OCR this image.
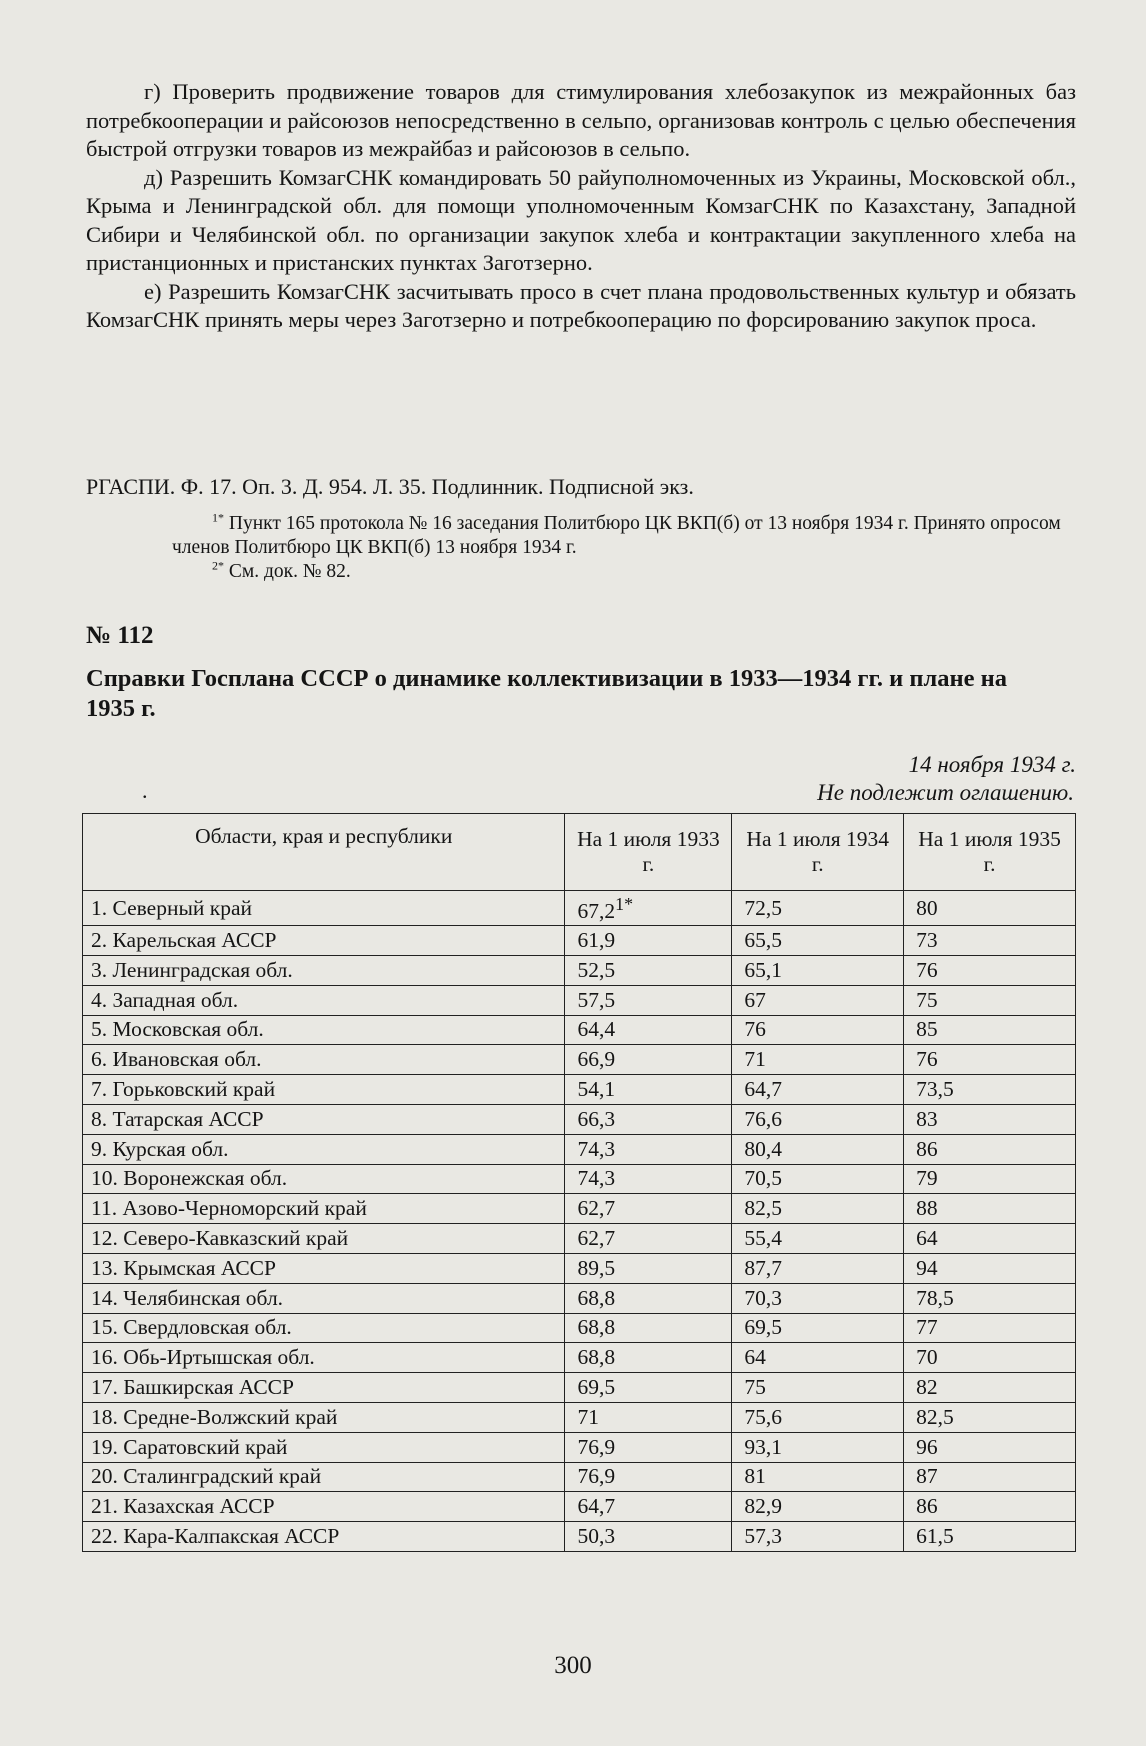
г) Проверить продвижение товаров для стимулирования хлебозакупок из межрайонных баз потребкооперации и райсоюзов непосредственно в сельпо, организовав контроль с целью обеспечения быстрой отгрузки товаров из межрайбаз и райсоюзов в сельпо.

д) Разрешить КомзагСНК командировать 50 райуполномоченных из Украины, Московской обл., Крыма и Ленинградской обл. для помощи уполномоченным КомзагСНК по Казахстану, Западной Сибири и Челябинской обл. по организации закупок хлеба и контрактации закупленного хлеба на пристанционных и пристанских пунктах Заготзерно.

е) Разрешить КомзагСНК засчитывать просо в счет плана продовольственных культур и обязать КомзагСНК принять меры через Заготзерно и потребкооперацию по форсированию закупок проса.

РГАСПИ. Ф. 17. Оп. 3. Д. 954. Л. 35. Подлинник. Подписной экз.
$^{1*}$ Пункт 165 протокола № 16 заседания Политбюро ЦК ВКП(б) от 13 ноября 1934 г. Принято опросом членов Политбюро ЦК ВКП(б) 13 ноября 1934 г.
$^{2*}$ См. док. № 82.
№ 112
Справки Госплана СССР о динамике коллективизации в 1933—1934 гг. и плане на 1935 г.
14 ноября 1934 г.
.	Не подлежит оглашению.
Области, края и республики	На 1 июля 1933 г.	На 1 июля 1934 г.	На 1 июля 1935 г.
1. Северный край	$67,2^{1*}$	72,5	80
2. Карельская АССР	61,9	65,5	73
3. Ленинградская обл.	52,5	65,1	76
4. Западная обл.	57,5	67	75
5. Московская обл.	64,4	76	85
6. Ивановская обл.	66,9	71	76
7. Горьковский край	54,1	64,7	73,5
8. Татарская АССР	66,3	76,6	83
9. Курская обл.	74,3	80,4	86
10. Воронежская обл.	74,3	70,5	79
11. Азово-Черноморский край	62,7	82,5	88
12. Северо-Кавказский край	62,7	55,4	64
13. Крымская АССР	89,5	87,7	94
14. Челябинская обл.	68,8	70,3	78,5
15. Свердловская обл.	68,8	69,5	77
16. Обь-Иртышская обл.	68,8	64	70
17. Башкирская АССР	69,5	75	82
18. Средне-Волжский край	71	75,6	82,5
19. Саратовский край	76,9	93,1	96
20. Сталинградский край	76,9	81	87
21. Казахская АССР	64,7	82,9	86
22. Кара-Калпакская АССР	50,3	57,3	61,5
300
